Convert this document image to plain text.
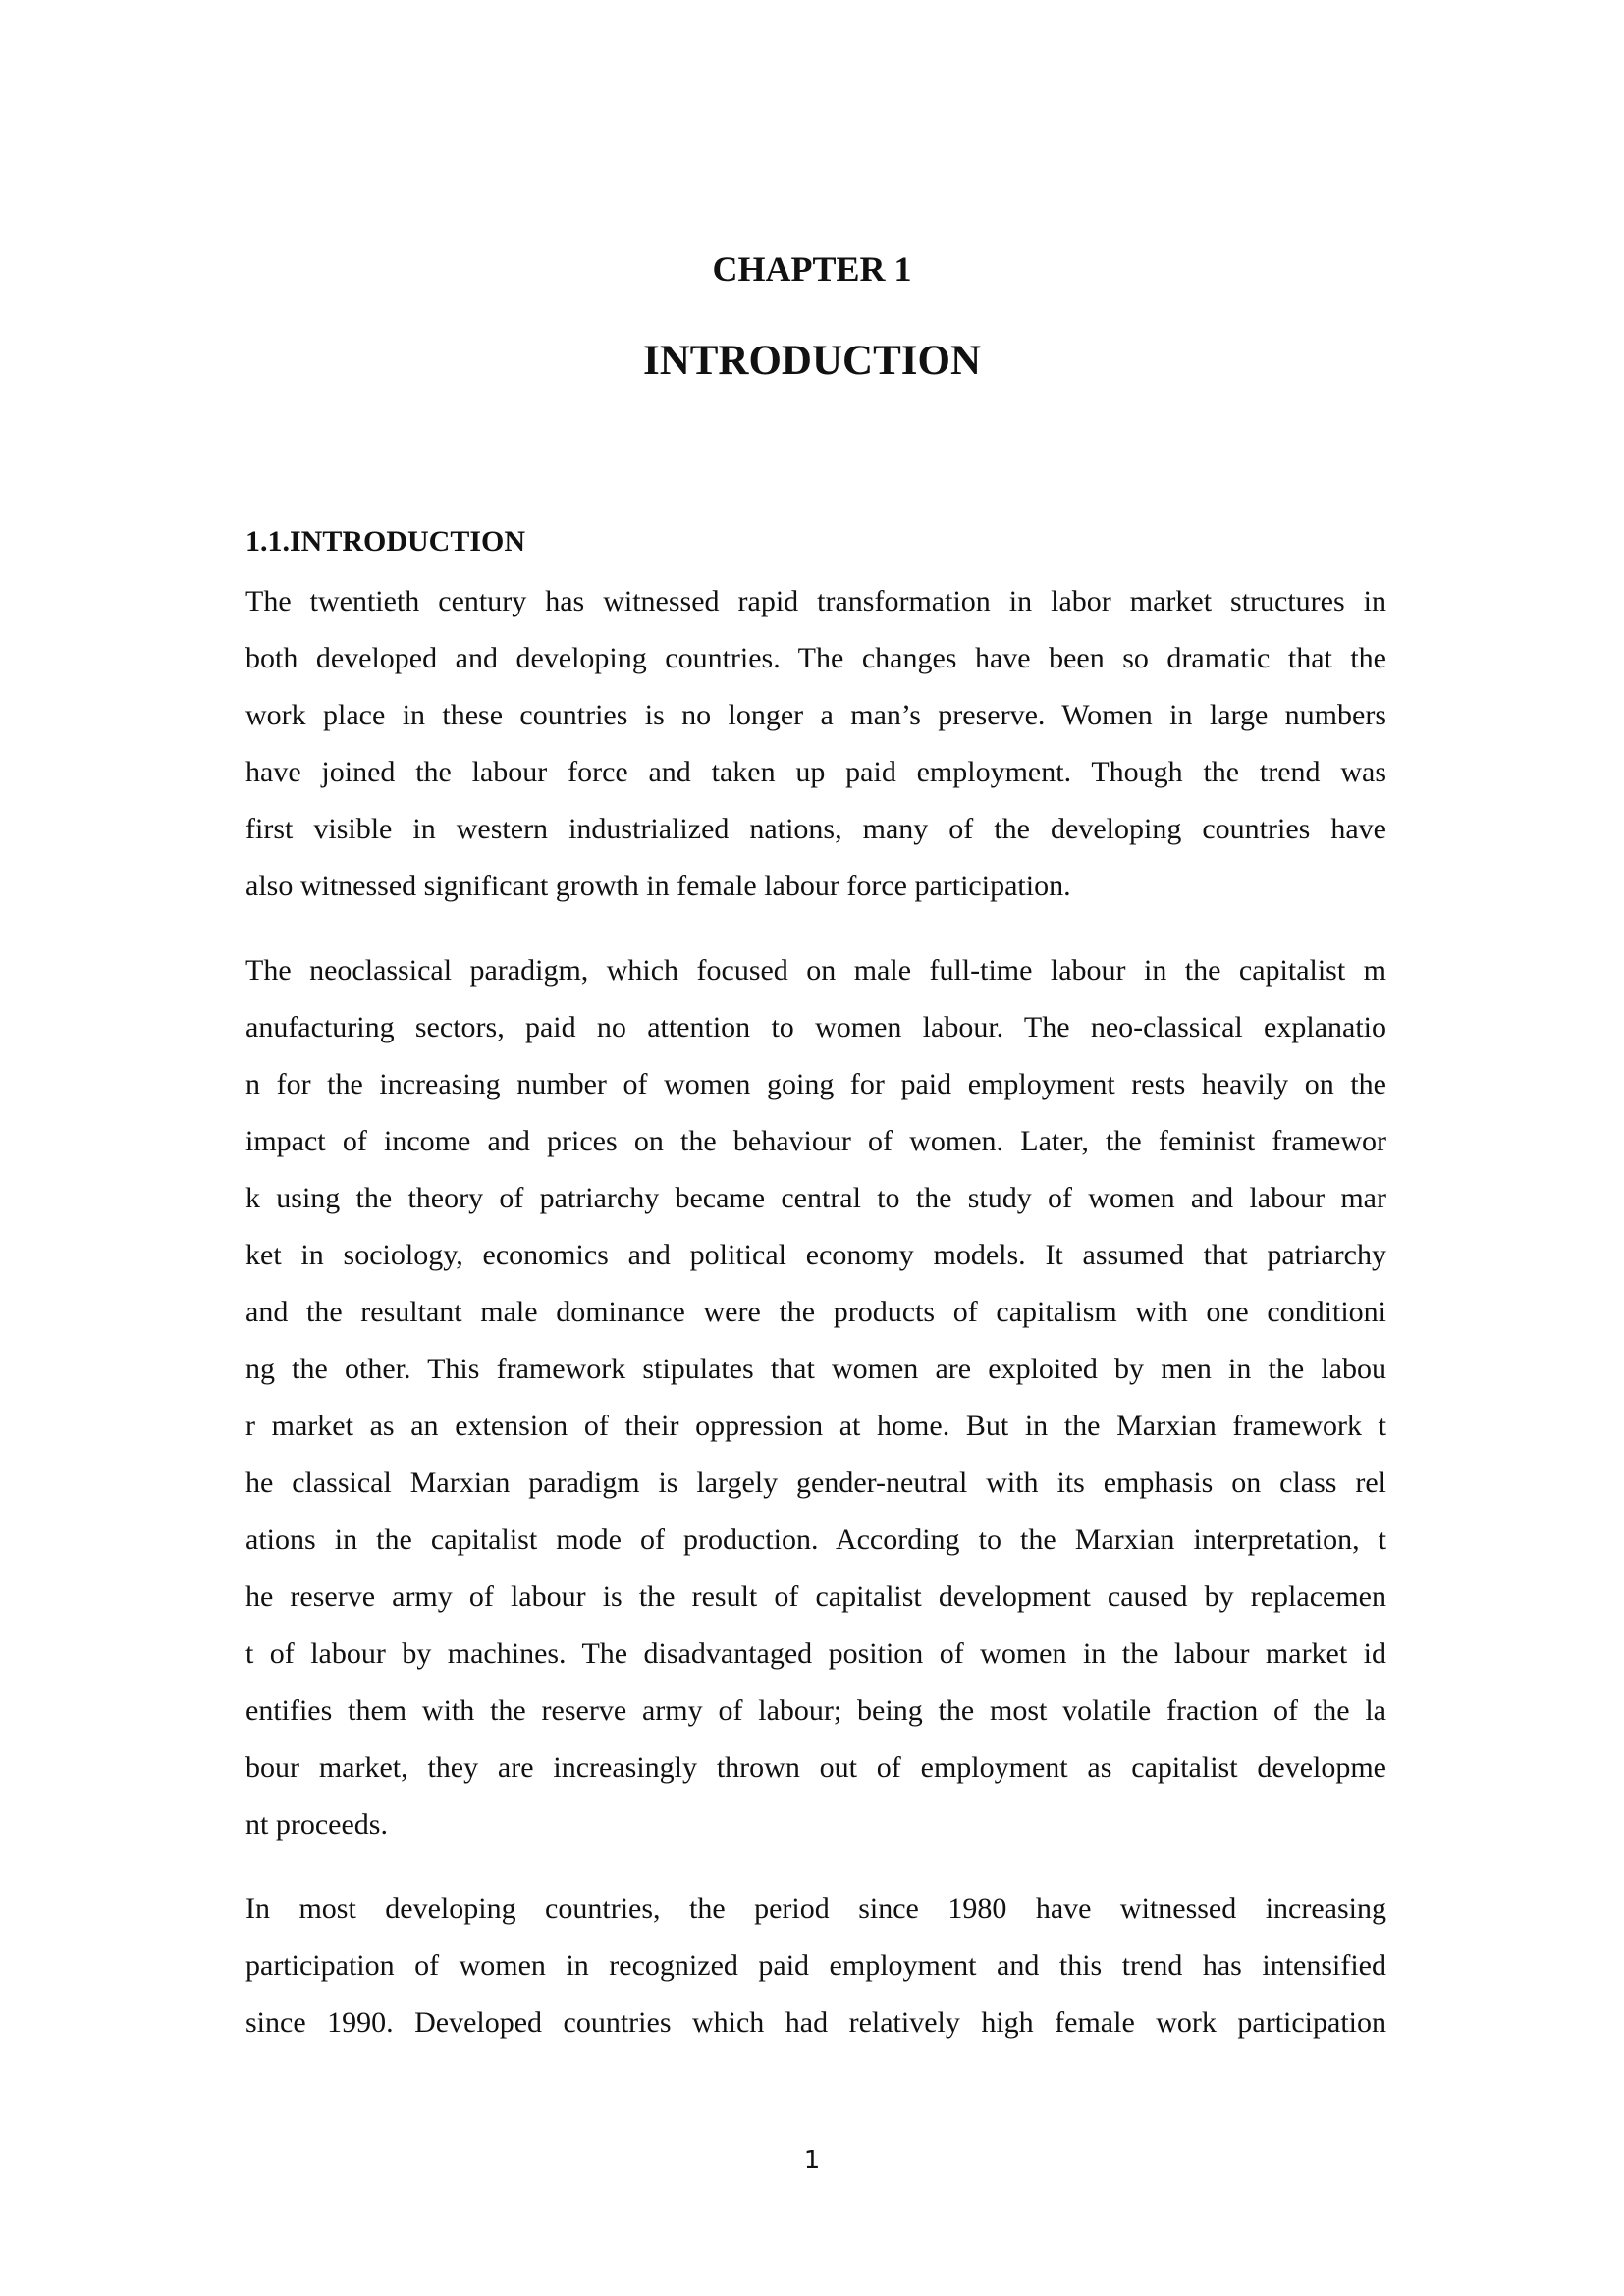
CHAPTER 1
INTRODUCTION
1.1.INTRODUCTION

The twentieth century has witnessed rapid transformation in labor market structures in
both developed and developing countries. The changes have been so dramatic that the
work place in these countries is no longer a man’s preserve. Women in large numbers
have joined the labour force and taken up paid employment. Though the trend was
first visible in western industrialized nations, many of the developing countries have
also witnessed significant growth in female labour force participation.

The neoclassical paradigm, which focused on male full-time labour in the capitalist m
anufacturing sectors, paid no attention to women labour. The neo-classical explanatio
n for the increasing number of women going for paid employment rests heavily on the
impact of income and prices on the behaviour of women. Later, the feminist framewor
k using the theory of patriarchy became central to the study of women and labour mar
ket in sociology, economics and political economy models. It assumed that patriarchy
and the resultant male dominance were the products of capitalism with one conditioni
ng the other. This framework stipulates that women are exploited by men in the labou
r market as an extension of their oppression at home. But in the Marxian framework t
he classical Marxian paradigm is largely gender-neutral with its emphasis on class rel
ations in the capitalist mode of production. According to the Marxian interpretation, t
he reserve army of labour is the result of capitalist development caused by replacemen
t of labour by machines. The disadvantaged position of women in the labour market id
entifies them with the reserve army of labour; being the most volatile fraction of the la
bour market, they are increasingly thrown out of employment as capitalist developme
nt proceeds.

In most developing countries, the period since 1980 have witnessed increasing
participation of women in recognized paid employment and this trend has intensified
since 1990. Developed countries which had relatively high female work participation

1
